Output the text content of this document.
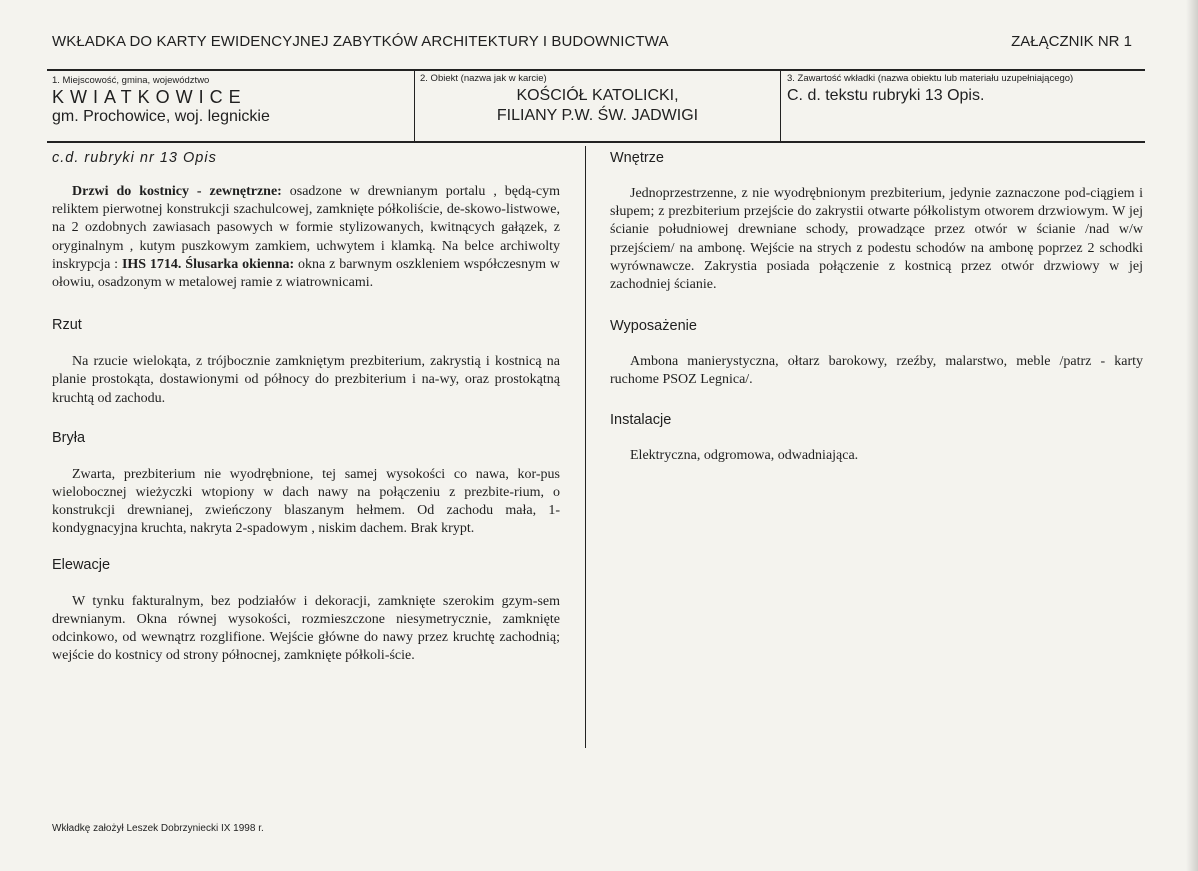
WKŁADKA DO KARTY EWIDENCYJNEJ ZABYTKÓW ARCHITEKTURY I BUDOWNICTWA	ZAŁĄCZNIK NR 1
1. Miejscowość, gmina, województwo
KWIATKOWICE
gm. Prochowice, woj. legnickie
2. Obiekt (nazwa jak w karcie)
KOŚCIÓŁ KATOLICKI,
FILIANY P.W. ŚW. JADWIGI
3. Zawartość wkładki (nazwa obiektu lub materiału uzupełniającego)
C. d. tekstu rubryki 13 Opis.
c.d. rubryki nr 13 Opis

Drzwi do kostnicy - zewnętrzne: osadzone w drewnianym portalu , będą-cym reliktem pierwotnej konstrukcji szachulcowej, zamknięte półkoliście, de-skowo-listwowe, na 2 ozdobnych zawiasach pasowych w formie stylizowanych, kwitnących gałązek, z oryginalnym , kutym puszkowym zamkiem, uchwytem i klamką. Na belce archiwolty inskrypcja : IHS 1714. Ślusarka okienna: okna z barwnym oszkleniem współczesnym w ołowiu, osadzonym w metalowej ramie z wiatrownicami.

Rzut

Na rzucie wielokąta, z trójbocznie zamkniętym prezbiterium, zakrystią i kostnicą na planie prostokąta, dostawionymi od północy do prezbiterium i na-wy, oraz prostokątną kruchtą od zachodu.

Bryła

Zwarta, prezbiterium nie wyodrębnione, tej samej wysokości co nawa, kor-pus wielobocznej wieżyczki wtopiony w dach nawy na połączeniu z prezbite-rium, o konstrukcji drewnianej, zwieńczony blaszanym hełmem. Od zachodu mała, 1-kondygnacyjna kruchta, nakryta 2-spadowym , niskim dachem. Brak krypt.

Elewacje

W tynku fakturalnym, bez podziałów i dekoracji, zamknięte szerokim gzym-sem drewnianym. Okna równej wysokości, rozmieszczone niesymetrycznie, zamknięte odcinkowo, od wewnątrz rozglifione. Wejście główne do nawy przez kruchtę zachodnią; wejście do kostnicy od strony północnej, zamknięte półkoli-ście.

Wnętrze

Jednoprzestrzenne, z nie wyodrębnionym prezbiterium, jedynie zaznaczone pod-ciągiem i słupem; z prezbiterium przejście do zakrystii otwarte półkolistym otworem drzwiowym. W jej ścianie południowej drewniane schody, prowadzące przez otwór w ścianie /nad w/w przejściem/ na ambonę. Wejście na strych z podestu schodów na ambonę poprzez 2 schodki wyrównawcze. Zakrystia posiada połączenie z kostnicą przez otwór drzwiowy w jej zachodniej ścianie.

Wyposażenie

Ambona manierystyczna, ołtarz barokowy, rzeźby, malarstwo, meble /patrz - karty ruchome PSOZ Legnica/.

Instalacje

Elektryczna, odgromowa, odwadniająca.

Wkładkę założył Leszek Dobrzyniecki IX 1998 r.
